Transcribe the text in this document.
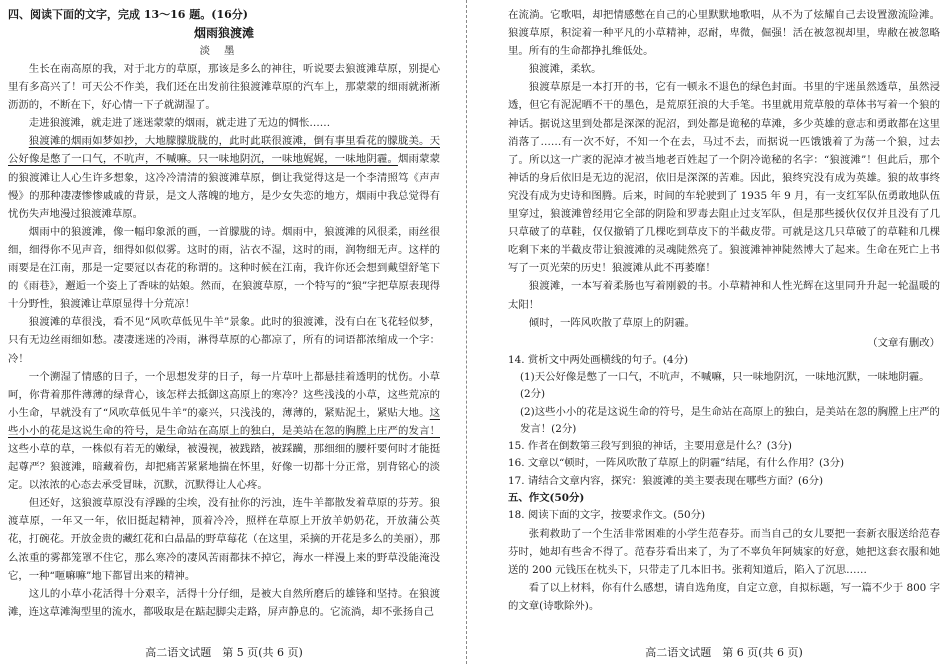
四、阅读下面的文字，完成 13～16 题。(16分)

烟雨狼渡滩

淡墨

生长在南高原的我，对于北方的草原，那该是多么的神往，听说要去狼渡滩草原，别提心里有多高兴了！可天公不作美，我们还在出发前往狼渡滩草原的汽车上，那蒙蒙的细雨就淅淅沥沥的，不断在下，好心情一下子就湖湿了。

走进狼渡滩，就走进了迷迷蒙蒙的烟雨，就走进了无边的惆怅……

狼渡滩的烟雨如梦如抄，大地朦朦胧胧的，此时此联很渡滩，倒有事里看花的朦胧美。天公好像是憋了一口气，不吭声，不喊嘛。只一味地阴沉，一味地娓娓，一味地阴霾。烟雨蒙蒙的狼渡滩让人心生许多想象，这冷冷清清的狼渡滩草原，倒让我觉得这是一个李清照笃《声声慢》的那种凄凄惨惨戚戚的背景，是文人落魄的地方，是少女失恋的地方，烟雨中我总觉得有忧伤失声地漫过狼渡滩草原。

烟雨中的狼渡滩，像一幅印象派的画，一首朦胧的诗。烟雨中，狼渡滩的风很柔，雨丝很细，细得你不见声音，细得如似似雾。这时的雨，沾衣不湿，这时的雨，润物细无声。这样的雨要是在江南，那是一定要冠以杏花的称谓的。这种时候在江南，我许你还会想到戴望舒笔下的《雨巷》，邂逅一个姿上了香味的姑娘。然而，在狼渡草原，一个特写的“狼”字把草原表现得十分野性，狼渡滩让草原显得十分荒凉！

狼渡滩的草很浅，看不见“风吹草低见牛羊”景象。此时的狼渡滩，没有白在飞花轻似梦，只有无边丝雨细如愁。凄凄迷迷的冷雨，淋得草原的心都凉了，所有的词语都浓缩成一个字：冷！

一个溯湿了情感的日子，一个思想发芽的日子，每一片草叶上都悬挂着透明的忧伤。小草呵，你背着那件薄薄的绿背心，该怎样去抵御这高原上的寒冷？这些浅浅的小草，这些荒凉的小生命，早就没有了“风吹草低见牛羊”的豪兴，只浅浅的，薄薄的，紧贴泥土，紧贴大地。这些小小的花是这说生命的符号，是生命站在高原上的独白，是美站在忽的胸膛上庄严的发言！这些小草的草，一株似有若无的嫩绿，被漫视，被践踏，被踩躏，那细细的腰杆要何时才能挺起尊严？狼渡滩，暗藏着伤，却把痛苦紧紧地揣在怀里，好像一切都十分正常，别背铭心的淡定。以浓浓的心态去承受冒昧，沉默，沉默得让人心疼。

但还好，这狼渡草原没有浮躁的尘埃，没有扯你的污浊，连牛羊都散发着草原的芬芳。狼渡草原，一年又一年，依旧挺起精神，顶着冷冷，照样在草原上开放羊奶奶花，开放蒲公英花，打碗花。开放金贵的藏红花和白晶晶的野草莓花（在这里，采摘的开花是多么的美丽），那么浓重的雾都笼罩不住它，那么寒冷的凄风苦雨都抹不掉它，海水一样漫上来的野草没能淹没它，一种“咂嘛嘛”地下都冒出来的精神。

这儿的小草小花活得十分艰辛，活得十分仔细，是被大自然所磨后的雄锋和坚持。在狼渡滩，连这草滩淘型里的流水，都吸取是在踮起脚尖走路，屏声静息的。它流淌，却不张扬自己

高二语文试题　第 5 页(共 6 页)

在流淌。它歌唱，却把情感憋在自己的心里默默地歌唱，从不为了炫耀自己去设置激流险滩。狼渡草原，积淀着一种平凡的小草精神，忍耐，卑微，倔强！活在被忽视却里，卑敝在被忽略里。所有的生命都挣扎维低处。

狼渡滩，柔软。

狼渡草原是一本打开的书，它有一顿永不退色的绿色封面。书里的宇迷虽然透草，虽然浸透，但它有泥泥晒不干的墨色，是荒原狂浪的大手笔。书里就用荒草般的草体书写着一个狼的神话。据说这里到处都是深深的泥沼，到处都是诡秘的草滩，多少英雄的意志和勇敢都在这里消落了……有一次不好，不知一个在去，马过不去，而据说一匹饿饿着了为荡一个狼，过去了。所以这一广袤的泥淖才被当地老百姓起了一个阴冷诡秘的名字：“狼渡滩”！但此后，那个神话的身后依旧是无边的泥沼，依旧是深深的苦难。因此，狼终究没有成为英雄。狼的故事终究没有成为史诗和图腾。后来，时间的车轮驶到了 1935 年 9 月，有一支红军队伍勇敢地队伍里穿过，狼渡滩曾经用它全部的阴险和罗毒去阻止过支军队，但是那些援伙仅仅并且没有了几只草破了的草鞋，仅仅撤销了几棵吃到草皮下的半截皮带。可就是这几只草破了的草鞋和几棵吃剩下来的半截皮带让狼渡滩的灵魂陡然亮了。狼渡滩神神陡然博大了起来。生命在死亡上书写了一页光荣的历史！狼渡滩从此不再萎靡！

狼渡滩，一本写着柔肠也写着刚毅的书。小草精神和人性光辉在这里同升升起一轮温暖的太阳！

倾时，一阵风吹散了草原上的阴霾。

（文章有删改）

14. 赏析文中两处画横线的句子。(4分)

(1)天公好像是憋了一口气，不吭声，不喊嘛，只一味地阴沉，一味地沉默，一味地阴霾。(2分)

(2)这些小小的花是这说生命的符号，是生命站在高原上的独白，是美站在忽的胸膛上庄严的发言！(2分)

15. 作者在倒数第三段写到狼的神话，主要用意是什么？(3分)

16. 文章以“顿时，一阵风吹散了草原上的阴霾”结尾，有什么作用？(3分)

17. 请结合文章内容，探究：狼渡滩的美主要表现在哪些方面？(6分)

五、作文(50分)

18. 阅读下面的文字，按要求作文。(50分)

张莉救助了一个生活非常困难的小学生范春芬。而当自己的女儿要把一套新衣服送给范春芬时，她却有些舍不得了。范春芬看出来了，为了不辜负年阿姨家的好意，她把这套衣服和她送的 200 元钱压在枕头下，只带走了几本旧书。张莉知道后，陷入了沉思……

看了以上材料，你有什么感想，请自选角度，自定立意，自拟标题，写一篇不少于 800 字的文章(诗歌除外)。

高二语文试题　第 6 页(共 6 页)
